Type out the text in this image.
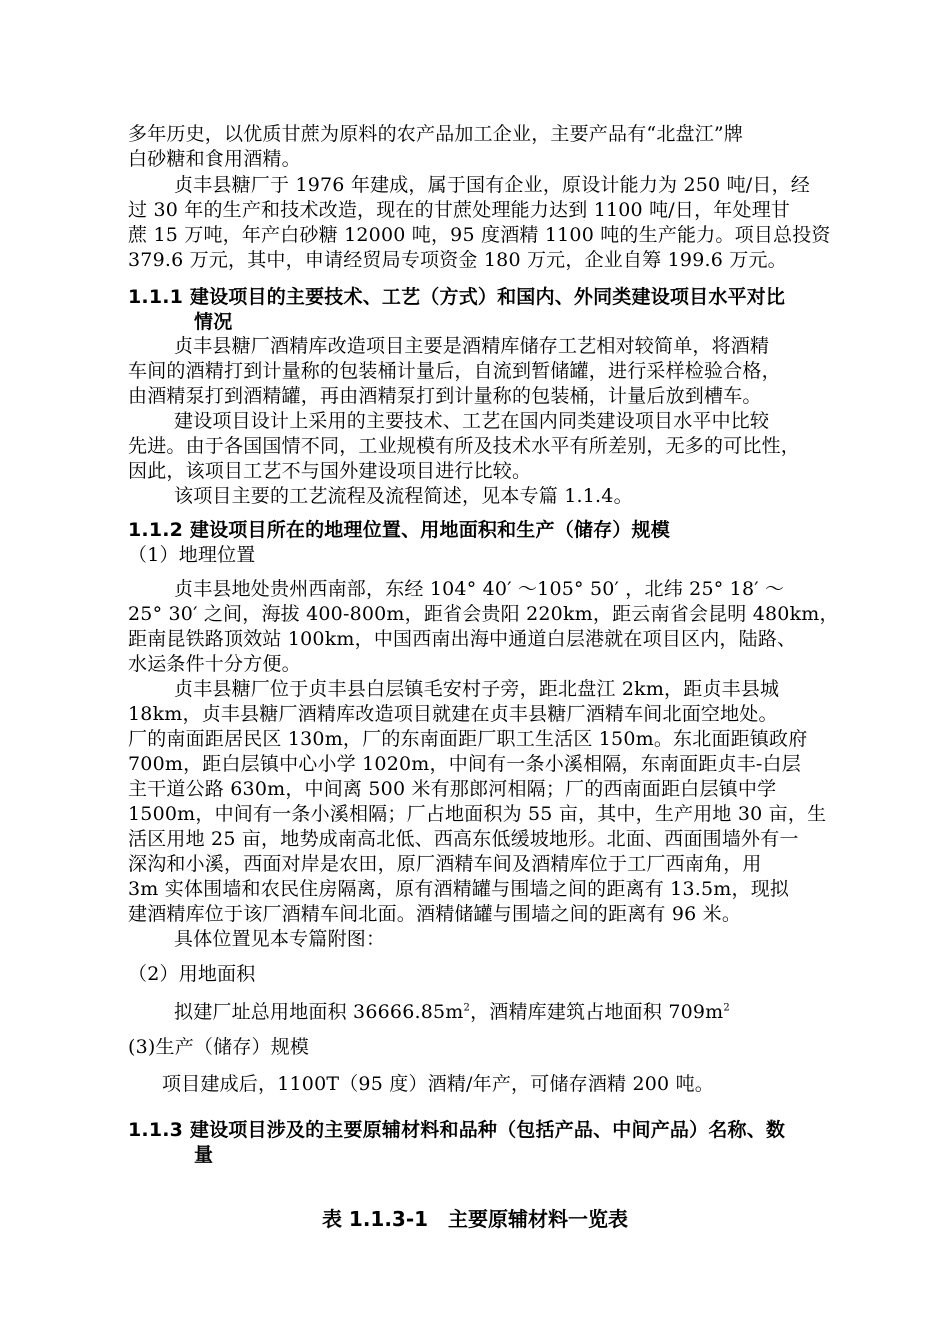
多年历史，以优质甘蔗为原料的农产品加工企业，主要产品有“北盘江”牌
白砂糖和食用酒精。
贞丰县糖厂于 1976 年建成，属于国有企业，原设计能力为 250 吨/日，经
过 30 年的生产和技术改造，现在的甘蔗处理能力达到 1100 吨/日，年处理甘
蔗 15 万吨，年产白砂糖 12000 吨，95 度酒精 1100 吨的生产能力。项目总投资
379.6 万元，其中，申请经贸局专项资金 180 万元，企业自筹 199.6 万元。
1.1.1 建设项目的主要技术、工艺（方式）和国内、外同类建设项目水平对比
情况
贞丰县糖厂酒精库改造项目主要是酒精库储存工艺相对较简单，将酒精
车间的酒精打到计量称的包装桶计量后，自流到暂储罐，进行采样检验合格，
由酒精泵打到酒精罐，再由酒精泵打到计量称的包装桶，计量后放到槽车。
建设项目设计上采用的主要技术、工艺在国内同类建设项目水平中比较
先进。由于各国国情不同，工业规模有所及技术水平有所差别，无多的可比性，
因此，该项目工艺不与国外建设项目进行比较。
该项目主要的工艺流程及流程简述，见本专篇 1.1.4。
1.1.2 建设项目所在的地理位置、用地面积和生产（储存）规模
（1）地理位置
贞丰县地处贵州西南部，东经 104° 40′ ～105° 50′ ，北纬 25° 18′ ～
25° 30′ 之间，海拔 400-800m，距省会贵阳 220km，距云南省会昆明 480km，
距南昆铁路顶效站 100km，中国西南出海中通道白层港就在项目区内，陆路、
水运条件十分方便。
贞丰县糖厂位于贞丰县白层镇毛安村子旁，距北盘江 2km，距贞丰县城
18km，贞丰县糖厂酒精库改造项目就建在贞丰县糖厂酒精车间北面空地处。
厂的南面距居民区 130m，厂的东南面距厂职工生活区 150m。东北面距镇政府
700m，距白层镇中心小学 1020m，中间有一条小溪相隔，东南面距贞丰-白层
主干道公路 630m，中间离 500 米有那郎河相隔；厂的西南面距白层镇中学
1500m，中间有一条小溪相隔；厂占地面积为 55 亩，其中，生产用地 30 亩，生
活区用地 25 亩，地势成南高北低、西高东低缓坡地形。北面、西面围墙外有一
深沟和小溪，西面对岸是农田，原厂酒精车间及酒精库位于工厂西南角，用
3m 实体围墙和农民住房隔离，原有酒精罐与围墙之间的距离有 13.5m，现拟
建酒精库位于该厂酒精车间北面。酒精储罐与围墙之间的距离有 96 米。
具体位置见本专篇附图：
（2）用地面积
拟建厂址总用地面积 $36666.85m^2$，酒精库建筑占地面积 $709m^2$
(3)生产（储存）规模
项目建成后，1100T（95 度）酒精/年产，可储存酒精 200 吨。
1.1.3 建设项目涉及的主要原辅材料和品种（包括产品、中间产品）名称、数
量
表 1.1.3-1　主要原辅材料一览表
